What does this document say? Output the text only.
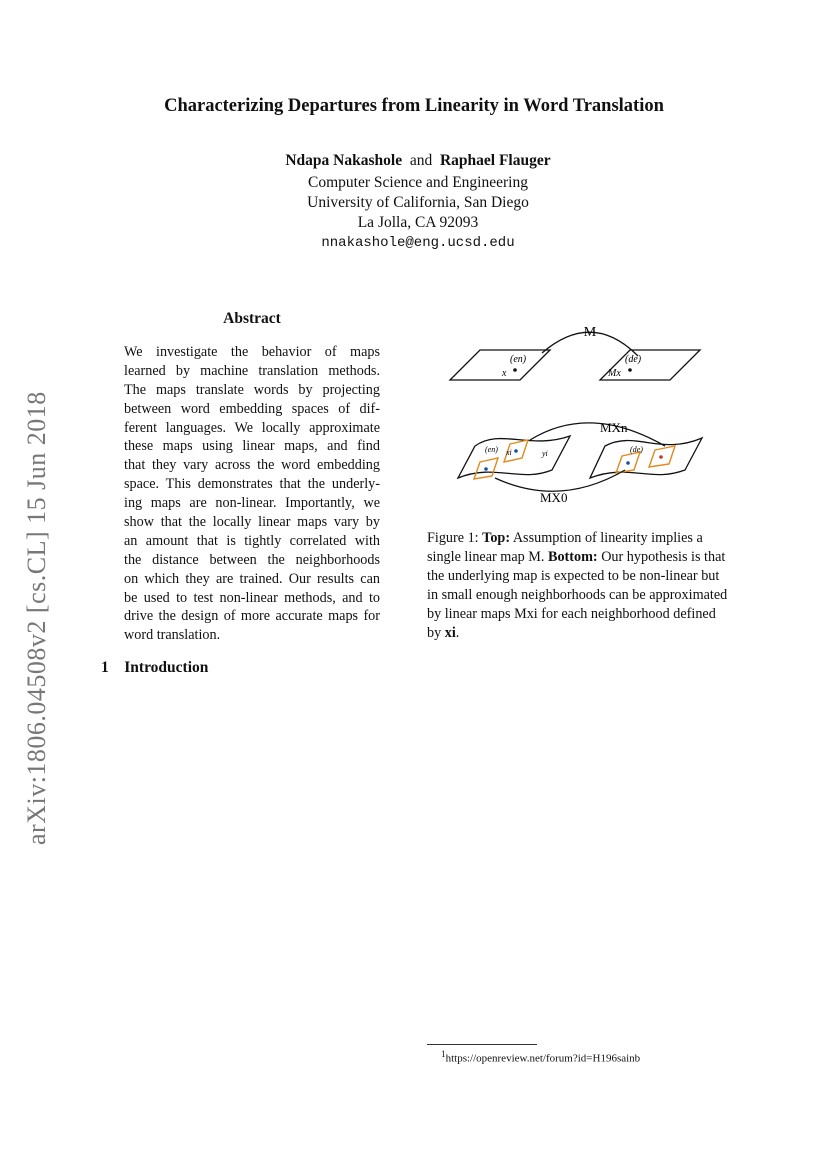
Characterizing Departures from Linearity in Word Translation
Ndapa Nakashole and Raphael Flauger
Computer Science and Engineering
University of California, San Diego
La Jolla, CA 92093
nnakashole@eng.ucsd.edu
arXiv:1806.04508v2 [cs.CL] 15 Jun 2018
Abstract
We investigate the behavior of maps
learned by machine translation methods.
The maps translate words by projecting
between word embedding spaces of dif-
ferent languages. We locally approximate
these maps using linear maps, and find
that they vary across the word embedding
space. This demonstrates that the underly-
ing maps are non-linear. Importantly, we
show that the locally linear maps vary by
an amount that is tightly correlated with
the distance between the neighborhoods
on which they are trained. Our results can
be used to test non-linear methods, and to
drive the design of more accurate maps for
word translation.
M
(en)	(de)
x	Mx
MXn
MX0
xi	yi
(en)	(de)
Figure 1: Top: Assumption of linearity implies a single linear map M. Bottom: Our hypothesis is that the underlying map is expected to be non-linear but in small enough neighborhoods can be approximated by linear maps Mxi for each neighborhood defined by xi.
1 Introduction
$^1$https://openreview.net/forum?id=H196sainb
